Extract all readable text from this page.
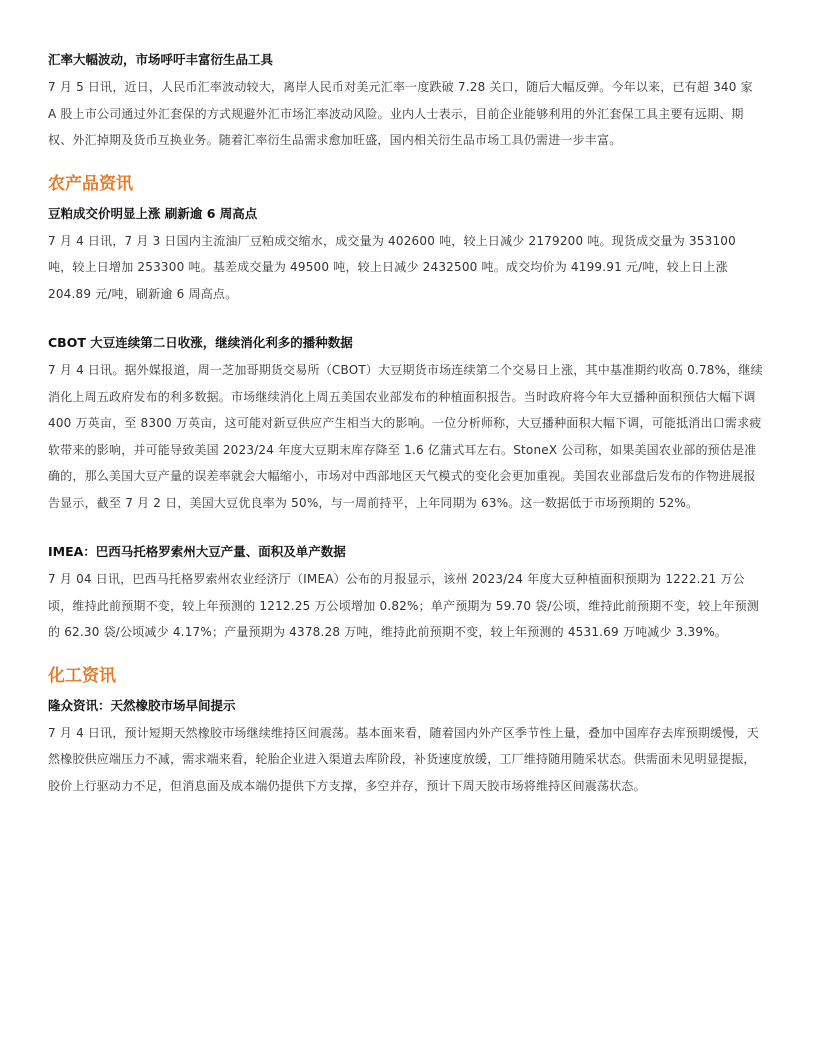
汇率大幅波动，市场呼吁丰富衍生品工具

7 月 5 日讯，近日，人民币汇率波动较大，离岸人民币对美元汇率一度跌破 7.28 关口，随后大幅反弹。今年以来，已有超 340 家 A 股上市公司通过外汇套保的方式规避外汇市场汇率波动风险。业内人士表示，目前企业能够利用的外汇套保工具主要有远期、期权、外汇掉期及货币互换业务。随着汇率衍生品需求愈加旺盛，国内相关衍生品市场工具仍需进一步丰富。

农产品资讯

豆粕成交价明显上涨 刷新逾 6 周高点

7 月 4 日讯，7 月 3 日国内主流油厂豆粕成交缩水，成交量为 402600 吨，较上日减少 2179200 吨。现货成交量为 353100 吨，较上日增加 253300 吨。基差成交量为 49500 吨，较上日减少 2432500 吨。成交均价为 4199.91 元/吨，较上日上涨 204.89 元/吨，刷新逾 6 周高点。

CBOT 大豆连续第二日收涨，继续消化利多的播种数据

7 月 4 日讯。据外媒报道，周一芝加哥期货交易所（CBOT）大豆期货市场连续第二个交易日上涨，其中基准期约收高 0.78%，继续消化上周五政府发布的利多数据。市场继续消化上周五美国农业部发布的种植面积报告。当时政府将今年大豆播种面积预估大幅下调 400 万英亩，至 8300 万英亩，这可能对新豆供应产生相当大的影响。一位分析师称，大豆播种面积大幅下调，可能抵消出口需求疲软带来的影响，并可能导致美国 2023/24 年度大豆期末库存降至 1.6 亿蒲式耳左右。StoneX 公司称，如果美国农业部的预估是准确的，那么美国大豆产量的误差率就会大幅缩小，市场对中西部地区天气模式的变化会更加重视。美国农业部盘后发布的作物进展报告显示，截至 7 月 2 日，美国大豆优良率为 50%，与一周前持平，上年同期为 63%。这一数据低于市场预期的 52%。

IMEA：巴西马托格罗索州大豆产量、面积及单产数据

7 月 04 日讯，巴西马托格罗索州农业经济厅（IMEA）公布的月报显示，该州 2023/24 年度大豆种植面积预期为 1222.21 万公顷，维持此前预期不变，较上年预测的 1212.25 万公顷增加 0.82%；单产预期为 59.70 袋/公顷，维持此前预期不变，较上年预测的 62.30 袋/公顷减少 4.17%；产量预期为 4378.28 万吨，维持此前预期不变，较上年预测的 4531.69 万吨减少 3.39%。

化工资讯

隆众资讯：天然橡胶市场早间提示

7 月 4 日讯，预计短期天然橡胶市场继续维持区间震荡。基本面来看，随着国内外产区季节性上量，叠加中国库存去库预期缓慢，天然橡胶供应端压力不减，需求端来看，轮胎企业进入渠道去库阶段，补货速度放缓，工厂维持随用随采状态。供需面未见明显提振，胶价上行驱动力不足，但消息面及成本端仍提供下方支撑，多空并存，预计下周天胶市场将维持区间震荡状态。
